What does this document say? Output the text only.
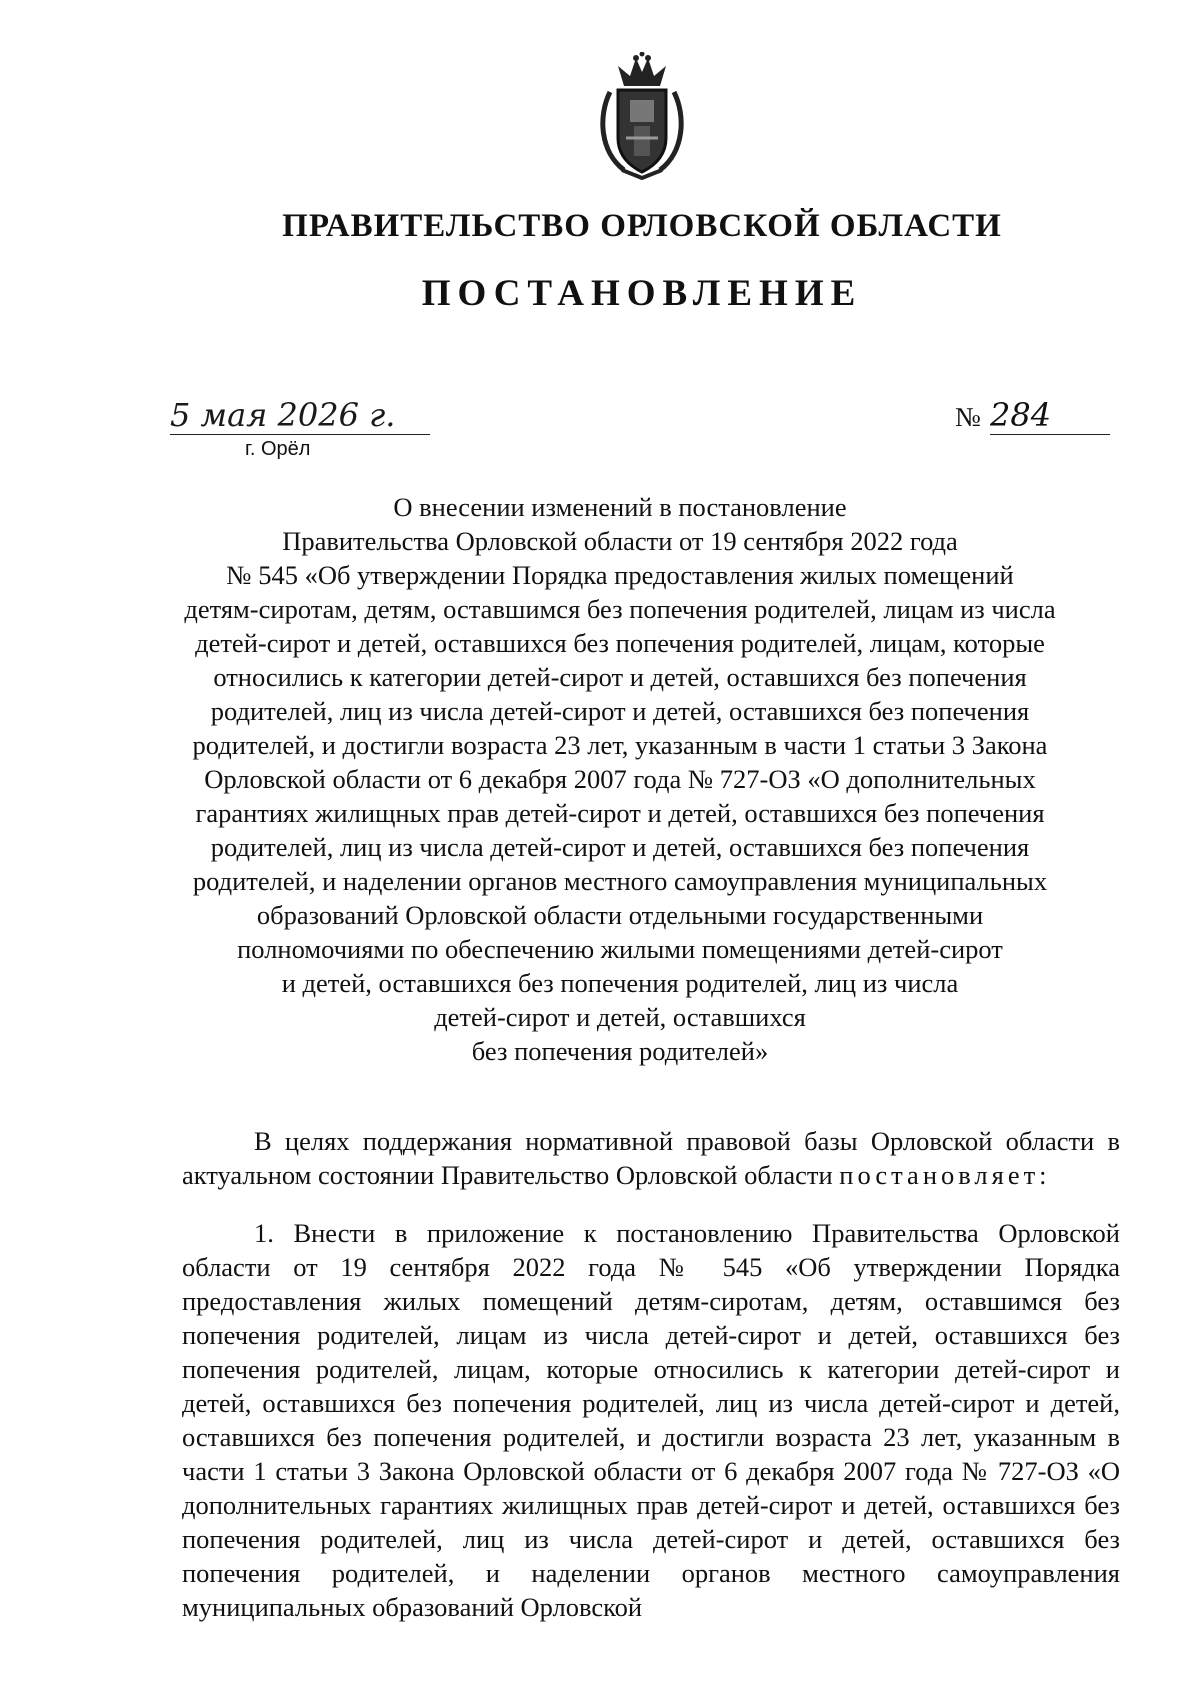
ПРАВИТЕЛЬСТВО ОРЛОВСКОЙ ОБЛАСТИ
ПОСТАНОВЛЕНИЕ
5 мая 2026 г.
г. Орёл
№ 284
О внесении изменений в постановление
Правительства Орловской области от 19 сентября 2022 года
№ 545 «Об утверждении Порядка предоставления жилых помещений
детям-сиротам, детям, оставшимся без попечения родителей, лицам из числа
детей-сирот и детей, оставшихся без попечения родителей, лицам, которые
относились к категории детей-сирот и детей, оставшихся без попечения
родителей, лиц из числа детей-сирот и детей, оставшихся без попечения
родителей, и достигли возраста 23 лет, указанным в части 1 статьи 3 Закона
Орловской области от 6 декабря 2007 года № 727-ОЗ «О дополнительных
гарантиях жилищных прав детей-сирот и детей, оставшихся без попечения
родителей, лиц из числа детей-сирот и детей, оставшихся без попечения
родителей, и наделении органов местного самоуправления муниципальных
образований Орловской области отдельными государственными
полномочиями по обеспечению жилыми помещениями детей-сирот
и детей, оставшихся без попечения родителей, лиц из числа
детей-сирот и детей, оставшихся
без попечения родителей»
В целях поддержания нормативной правовой базы Орловской области в актуальном состоянии Правительство Орловской области постановляет:
1. Внести в приложение к постановлению Правительства Орловской области от 19 сентября 2022 года № 545 «Об утверждении Порядка предоставления жилых помещений детям-сиротам, детям, оставшимся без попечения родителей, лицам из числа детей-сирот и детей, оставшихся без попечения родителей, лицам, которые относились к категории детей-сирот и детей, оставшихся без попечения родителей, лиц из числа детей-сирот и детей, оставшихся без попечения родителей, и достигли возраста 23 лет, указанным в части 1 статьи 3 Закона Орловской области от 6 декабря 2007 года № 727-ОЗ «О дополнительных гарантиях жилищных прав детей-сирот и детей, оставшихся без попечения родителей, лиц из числа детей-сирот и детей, оставшихся без попечения родителей, и наделении органов местного самоуправления муниципальных образований Орловской
